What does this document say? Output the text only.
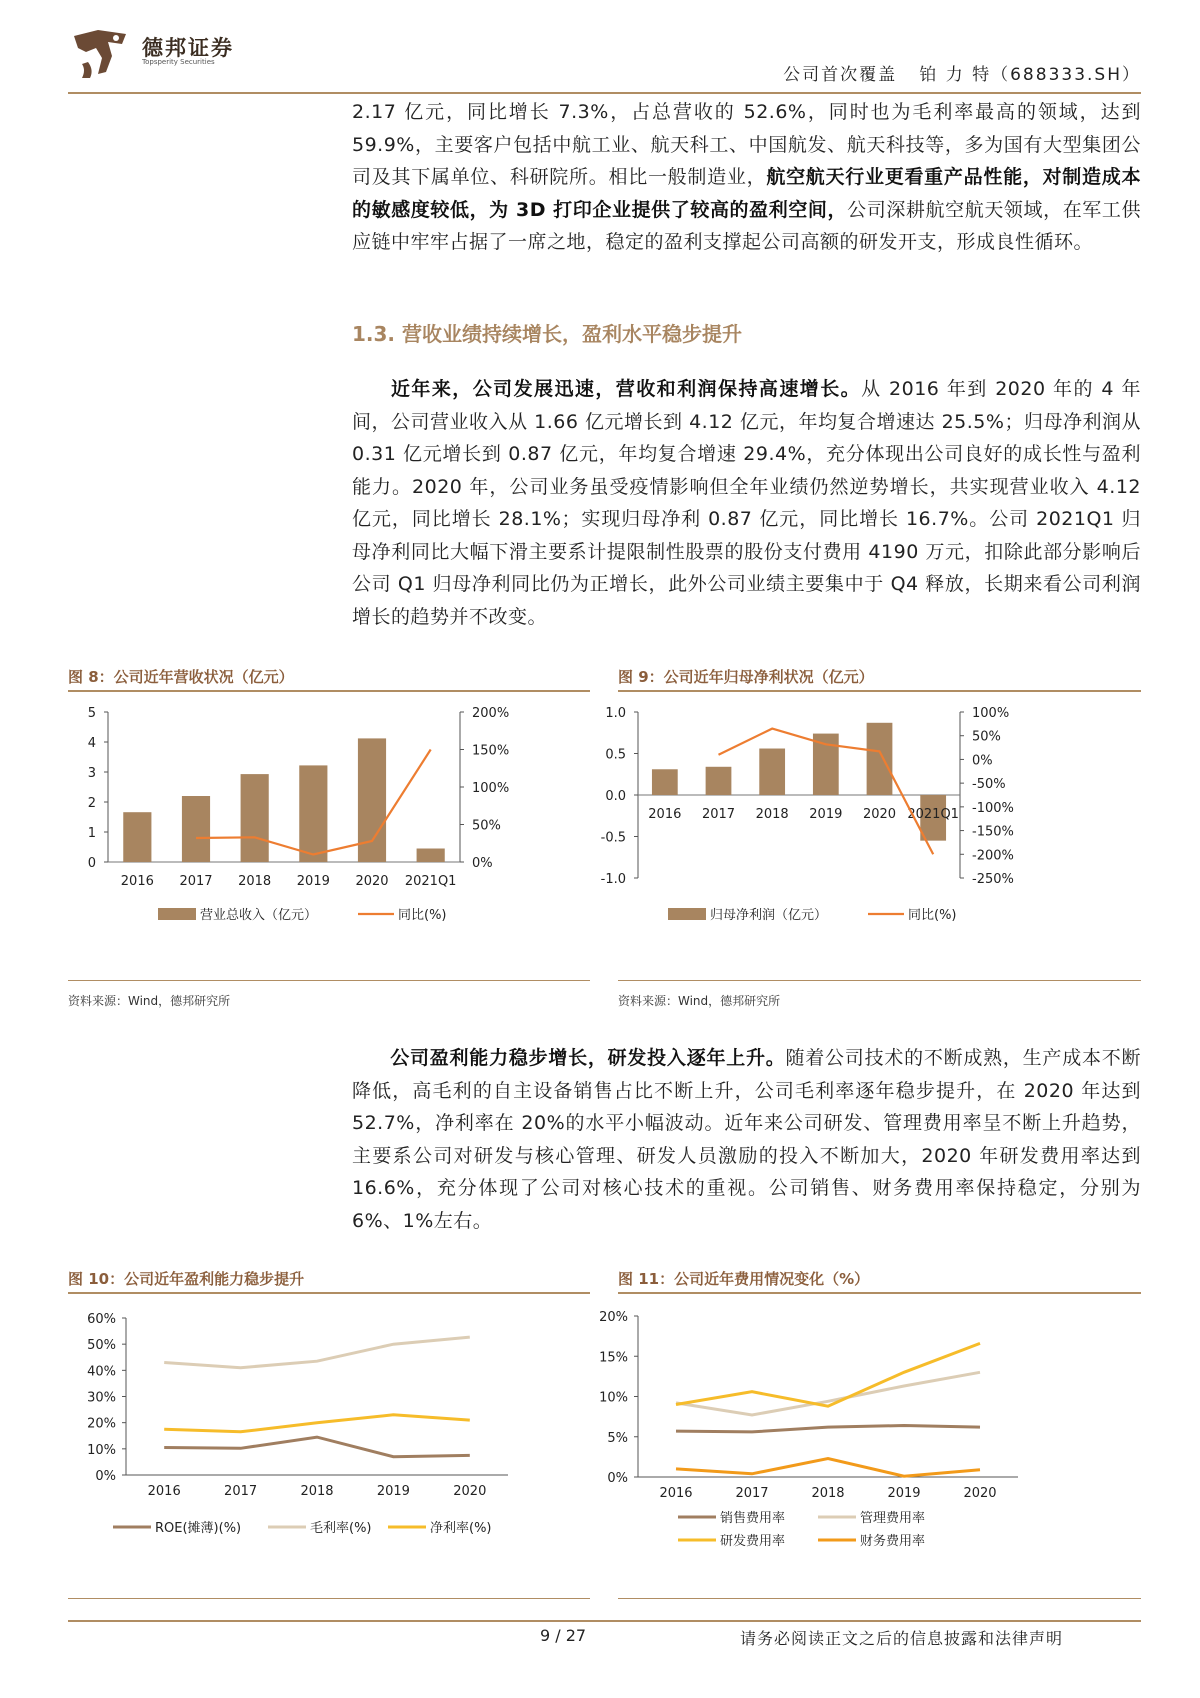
德邦证券
Topsperity Securities
公司首次覆盖 铂 力 特（688333.SH）
2.17 亿元，同比增长 7.3%，占总营收的 52.6%，同时也为毛利率最高的领域，达到 59.9%，主要客户包括中航工业、航天科工、中国航发、航天科技等，多为国有大型集团公司及其下属单位、科研院所。相比一般制造业，航空航天行业更看重产品性能，对制造成本的敏感度较低，为 3D 打印企业提供了较高的盈利空间，公司深耕航空航天领域，在军工供应链中牢牢占据了一席之地，稳定的盈利支撑起公司高额的研发开支，形成良性循环。
1.3. 营收业绩持续增长，盈利水平稳步提升
近年来，公司发展迅速，营收和利润保持高速增长。从 2016 年到 2020 年的 4 年间，公司营业收入从 1.66 亿元增长到 4.12 亿元，年均复合增速达 25.5%；归母净利润从 0.31 亿元增长到 0.87 亿元，年均复合增速 29.4%，充分体现出公司良好的成长性与盈利能力。2020 年，公司业务虽受疫情影响但全年业绩仍然逆势增长，共实现营业收入 4.12 亿元，同比增长 28.1%；实现归母净利 0.87 亿元，同比增长 16.7%。公司 2021Q1 归母净利同比大幅下滑主要系计提限制性股票的股份支付费用 4190 万元，扣除此部分影响后公司 Q1 归母净利同比仍为正增长，此外公司业绩主要集中于 Q4 释放，长期来看公司利润增长的趋势并不改变。
图 8：公司近年营收状况（亿元）
0
1
2
3
4
5
0%
50%
100%
150%
200%
2016 2017 2018 2019 2020 2021Q1
营业总收入（亿元）	同比(%)
资料来源：Wind，德邦研究所
图 9：公司近年归母净利状况（亿元）
-1.0
-0.5
0.0
0.5
1.0
-250%
-200%
-150%
-100%
-50%
0%
50%
100%
2016 2017 2018 2019 2020 2021Q1
归母净利润（亿元）	同比(%)
资料来源：Wind，德邦研究所
公司盈利能力稳步增长，研发投入逐年上升。随着公司技术的不断成熟，生产成本不断降低，高毛利的自主设备销售占比不断上升，公司毛利率逐年稳步提升，在 2020 年达到 52.7%，净利率在 20%的水平小幅波动。近年来公司研发、管理费用率呈不断上升趋势，主要系公司对研发与核心管理、研发人员激励的投入不断加大，2020 年研发费用率达到 16.6%，充分体现了公司对核心技术的重视。公司销售、财务费用率保持稳定，分别为 6%、1%左右。
图 10：公司近年盈利能力稳步提升
0%
10%
20%
30%
40%
50%
60%
2016	2017	2018	2019	2020
ROE(摊薄)(%)	毛利率(%)	净利率(%)
图 11：公司近年费用情况变化（%）
0%
5%
10%
15%
20%
2016	2017	2018	2019	2020
销售费用率	管理费用率
研发费用率	财务费用率
9 / 27	请务必阅读正文之后的信息披露和法律声明
